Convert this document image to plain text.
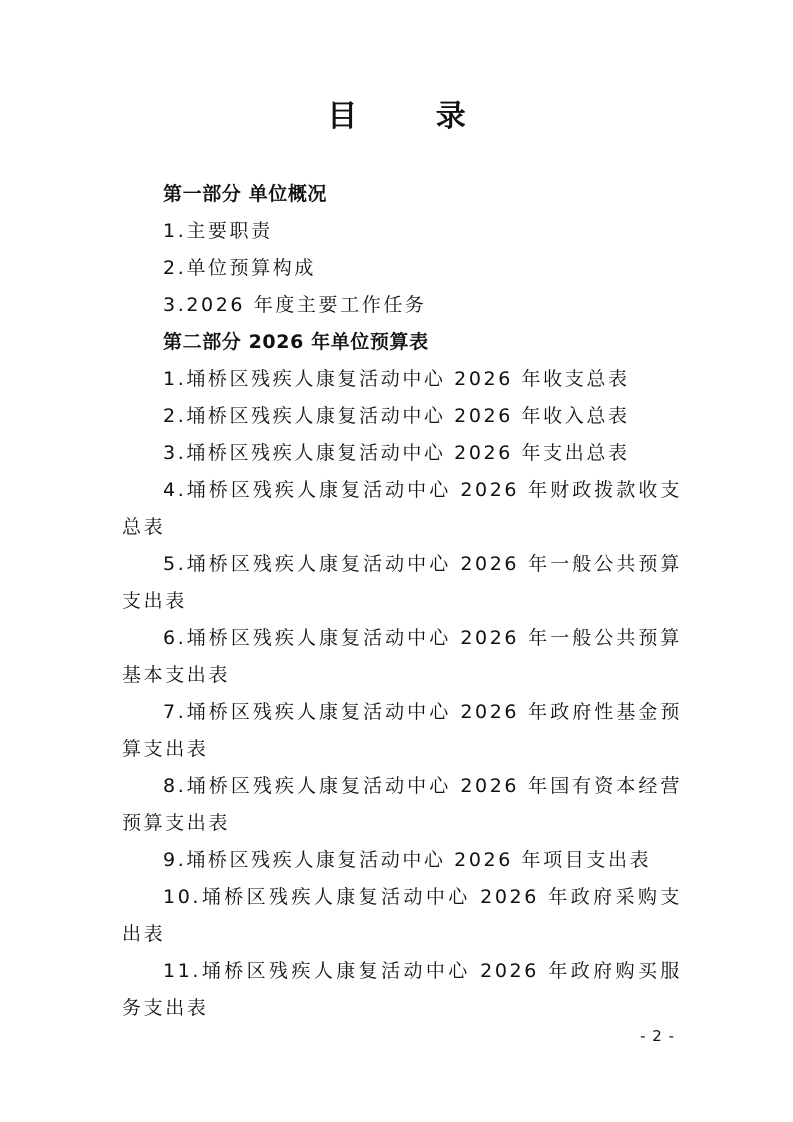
目 录
第一部分 单位概况
1.主要职责
2.单位预算构成
3.2026 年度主要工作任务
第二部分 2026 年单位预算表
1.埇桥区残疾人康复活动中心 2026 年收支总表
2.埇桥区残疾人康复活动中心 2026 年收入总表
3.埇桥区残疾人康复活动中心 2026 年支出总表
4.埇桥区残疾人康复活动中心 2026 年财政拨款收支总表
5.埇桥区残疾人康复活动中心 2026 年一般公共预算支出表
6.埇桥区残疾人康复活动中心 2026 年一般公共预算基本支出表
7.埇桥区残疾人康复活动中心 2026 年政府性基金预算支出表
8.埇桥区残疾人康复活动中心 2026 年国有资本经营预算支出表
9.埇桥区残疾人康复活动中心 2026 年项目支出表
10.埇桥区残疾人康复活动中心 2026 年政府采购支出表
11.埇桥区残疾人康复活动中心 2026 年政府购买服务支出表
- 2 -
